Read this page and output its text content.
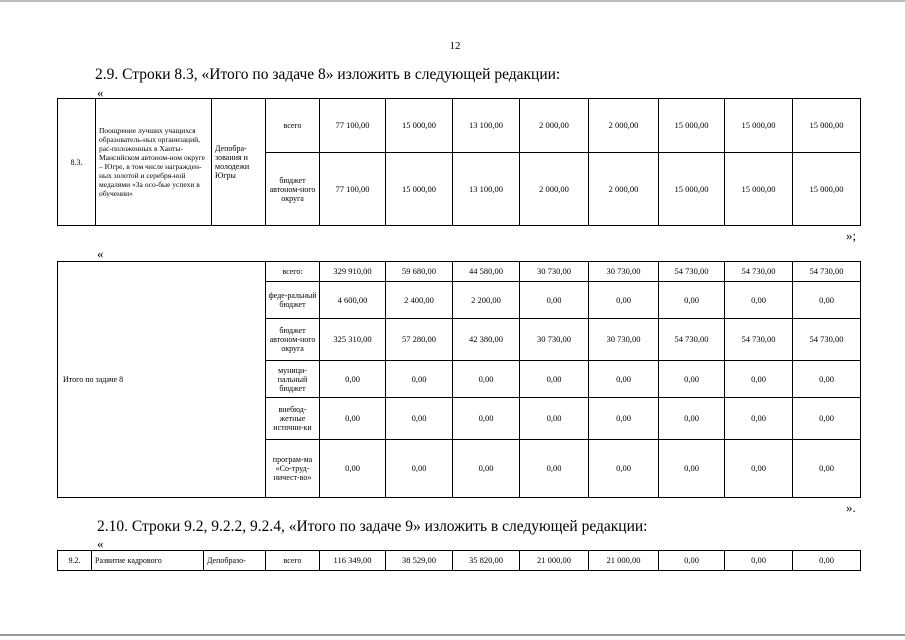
12
2.9. Строки 8.3, «Итого по задаче 8» изложить в следующей редакции:
«
8.3.	Поощрение лучших учащихся образователь-ных организаций, рас-положенных в Ханты-Мансийском автоном-ном округе – Югре, в том числе награжден-ных золотой и серебря-ной медалями «За осо-бые успехи в обучении»	Депобра-зования и молодежи Югры	всего	77 100,00	15 000,00	13 100,00	2 000,00	2 000,00	15 000,00	15 000,00	15 000,00
			бюджет автоном-ного округа	77 100,00	15 000,00	13 100,00	2 000,00	2 000,00	15 000,00	15 000,00	15 000,00
»;
«
Итого по задаче 8	всего:	329 910,00	59 680,00	44 580,00	30 730,00	30 730,00	54 730,00	54 730,00	54 730,00
	феде-ральный бюджет	4 600,00	2 400,00	2 200,00	0,00	0,00	0,00	0,00	0,00
	бюджет автоном-ного округа	325 310,00	57 280,00	42 380,00	30 730,00	30 730,00	54 730,00	54 730,00	54 730,00
	муници-пальный бюджет	0,00	0,00	0,00	0,00	0,00	0,00	0,00	0,00
	внебюд-жетные источни-ки	0,00	0,00	0,00	0,00	0,00	0,00	0,00	0,00
	програм-ма «Со-труд-ничест-во»	0,00	0,00	0,00	0,00	0,00	0,00	0,00	0,00
».
2.10. Строки 9.2, 9.2.2, 9.2.4, «Итого по задаче 9» изложить в следующей редакции:
«
9.2.	Развитие кадрового	Депобразо-	всего	116 349,00	38 529,00	35 820,00	21 000,00	21 000,00	0,00	0,00	0,00
